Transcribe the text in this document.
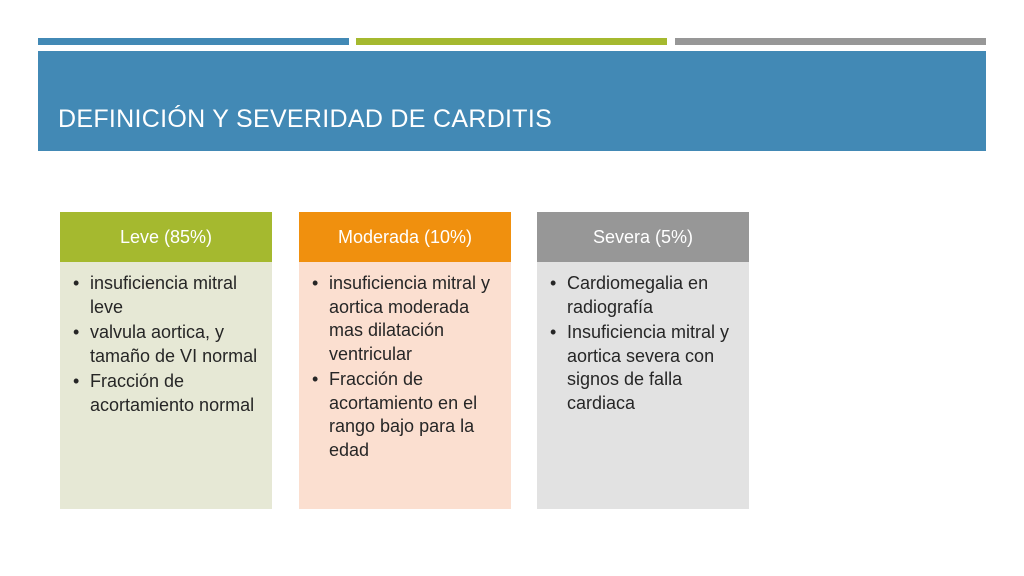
DEFINICIÓN Y SEVERIDAD DE CARDITIS
Leve (85%)
• insuficiencia mitral leve
• valvula aortica, y tamaño de VI normal
• Fracción de acortamiento normal
Moderada (10%)
• insuficiencia mitral y aortica moderada mas dilatación ventricular
• Fracción de acortamiento en el rango bajo para la edad
Severa (5%)
• Cardiomegalia en radiografía
• Insuficiencia mitral y aortica severa con signos de falla cardiaca
